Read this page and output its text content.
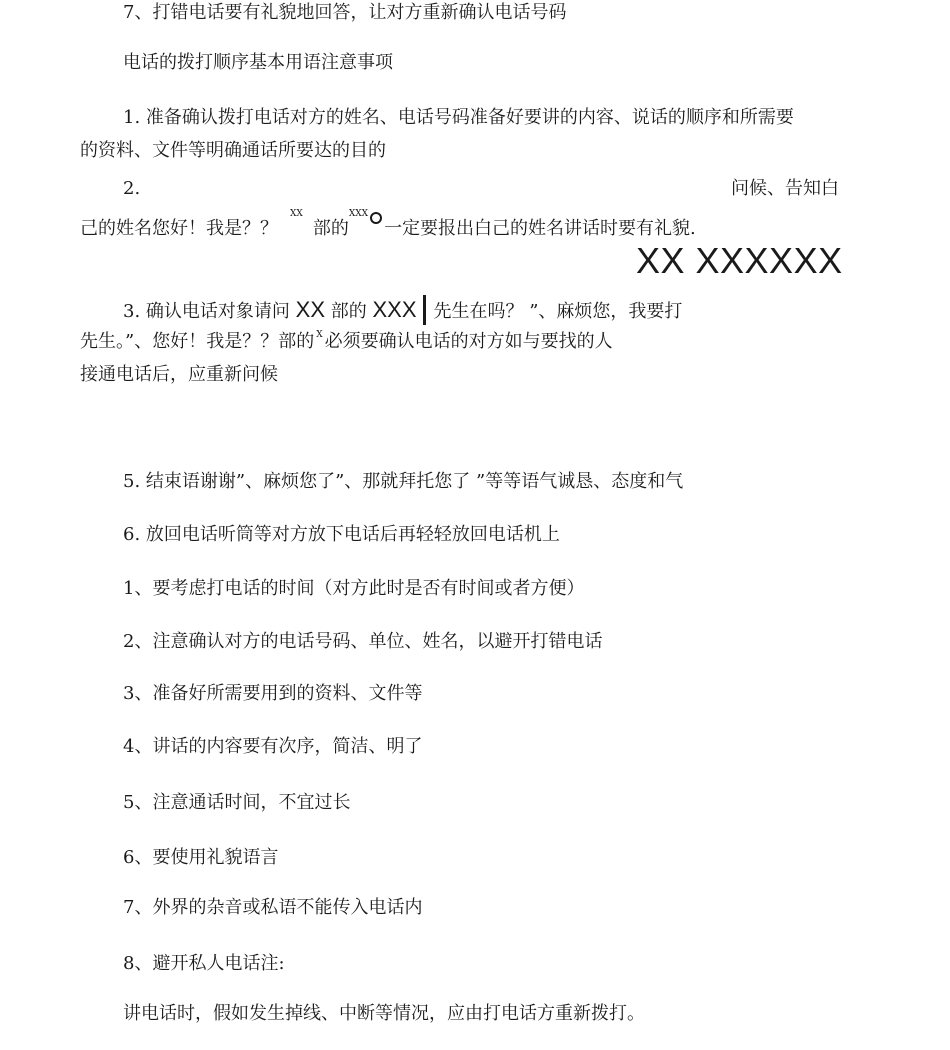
7、打错电话要有礼貌地回答，让对方重新确认电话号码
电话的拨打顺序基本用语注意事项
1. 准备确认拨打电话对方的姓名、电话号码准备好要讲的内容、说话的顺序和所需要
的资料、文件等明确通话所要达的目的
2.	问候、告知白
己的姓名您好！我是？？$^{XX}$部的$^{XXX}$ ○ 一定要报出白己的姓名讲话时要有礼貌.
XX XXXXXX
3. 确认电话对象请问 XX 部的 XXX 先生在吗？ ”、麻烦您，我要打
先生。”、您好！我是？？部的 $^X$ 必须要确认电话的对方如与要找的人
接通电话后，应重新问候
5. 结束语谢谢”、麻烦您了”、那就拜托您了 ”等等语气诚恳、态度和气
6. 放回电话听筒等对方放下电话后再轻轻放回电话机上
1、要考虑打电话的时间（对方此时是否有时间或者方便）
2、注意确认对方的电话号码、单位、姓名，以避开打错电话
3、准备好所需要用到的资料、文件等
4、讲话的内容要有次序，简洁、明了
5、注意通话时间，不宜过长
6、要使用礼貌语言
7、外界的杂音或私语不能传入电话内
8、避开私人电话注:
讲电话时，假如发生掉线、中断等情况，应由打电话方重新拨打。
